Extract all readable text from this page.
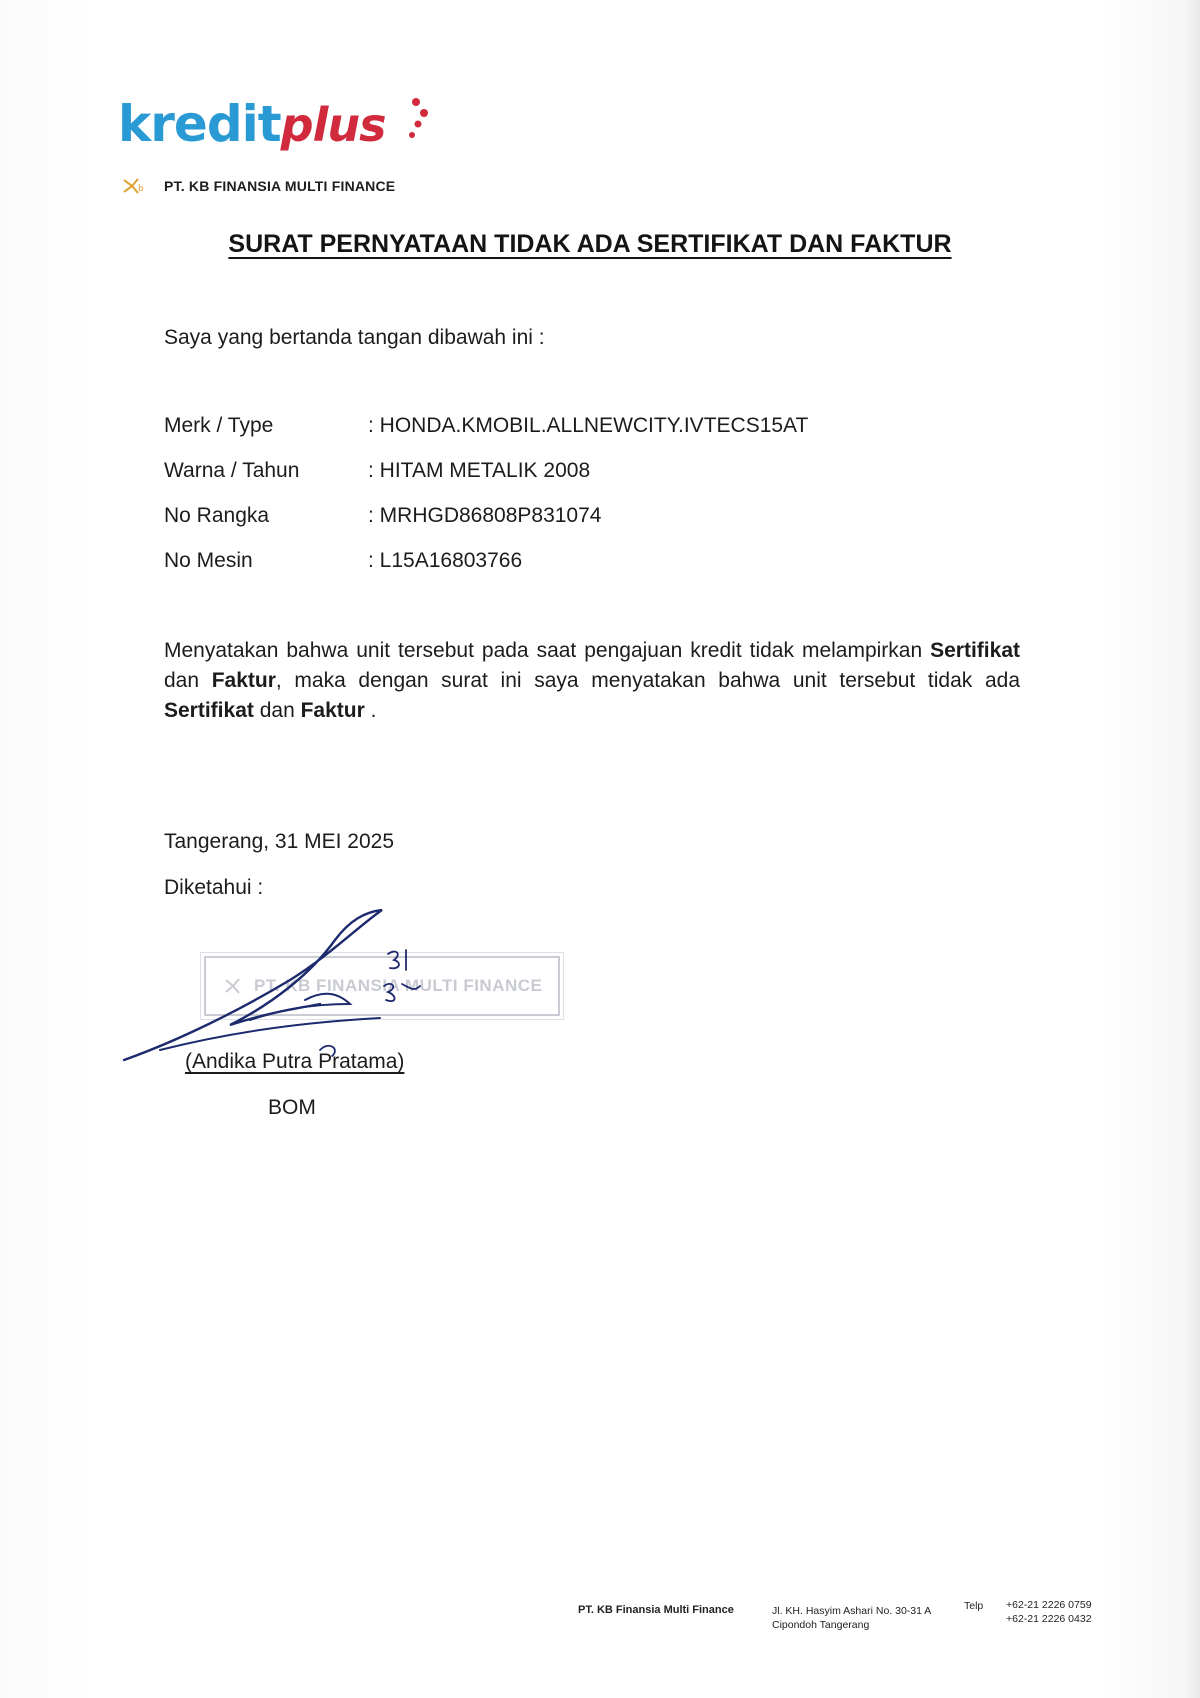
kreditplus
b PT. KB FINANSIA MULTI FINANCE
SURAT PERNYATAAN TIDAK ADA SERTIFIKAT DAN FAKTUR
Saya yang bertanda tangan dibawah ini :
Merk / Type	: HONDA.KMOBIL.ALLNEWCITY.IVTECS15AT
Warna / Tahun	: HITAM METALIK 2008
No Rangka	: MRHGD86808P831074
No Mesin	: L15A16803766
Menyatakan bahwa unit tersebut pada saat pengajuan kredit tidak melampirkan Sertifikat dan Faktur, maka dengan surat ini saya menyatakan bahwa unit tersebut tidak ada Sertifikat dan Faktur .
Tangerang, 31 MEI 2025
Diketahui :
PT. KB FINANSIA MULTI FINANCE
(Andika Putra Pratama)
BOM
PT. KB Finansia Multi Finance	Jl. KH. Hasyim Ashari No. 30-31 A
Cipondoh Tangerang
Telp +62-21 2226 0759
+62-21 2226 0432
